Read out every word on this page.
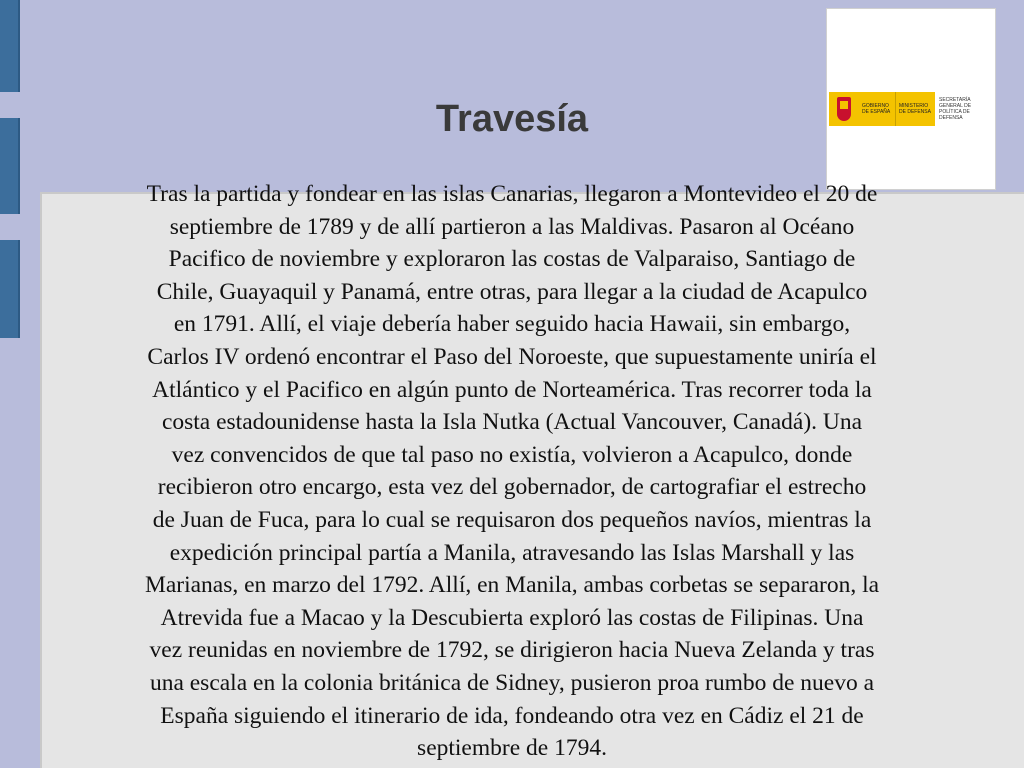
GOBIERNO DE ESPAÑA
MINISTERIO DE DEFENSA
SECRETARÍA GENERAL DE POLÍTICA DE DEFENSA
Travesía

Tras la partida y fondear en las islas Canarias, llegaron a Montevideo el 20 de
septiembre de 1789 y de allí partieron a las Maldivas. Pasaron al Océano
Pacifico de noviembre y exploraron las costas de Valparaiso, Santiago de
Chile, Guayaquil y Panamá, entre otras, para llegar a la ciudad de Acapulco
en 1791. Allí, el viaje debería haber seguido hacia Hawaii, sin embargo,
Carlos IV ordenó encontrar el Paso del Noroeste, que supuestamente uniría el
Atlántico y el Pacifico en algún punto de Norteamérica. Tras recorrer toda la
costa estadounidense hasta la Isla Nutka (Actual Vancouver, Canadá). Una
vez convencidos de que tal paso no existía, volvieron a Acapulco, donde
recibieron otro encargo, esta vez del gobernador, de cartografiar el estrecho
de Juan de Fuca, para lo cual se requisaron dos pequeños navíos, mientras la
expedición principal partía a Manila, atravesando las Islas Marshall y las
Marianas, en marzo del 1792. Allí, en Manila, ambas corbetas se separaron, la
Atrevida fue a Macao y la Descubierta exploró las costas de Filipinas. Una
vez reunidas en noviembre de 1792, se dirigieron hacia Nueva Zelanda y tras
una escala en la colonia británica de Sidney, pusieron proa rumbo de nuevo a
España siguiendo el itinerario de ida, fondeando otra vez en Cádiz el 21 de
septiembre de 1794.
